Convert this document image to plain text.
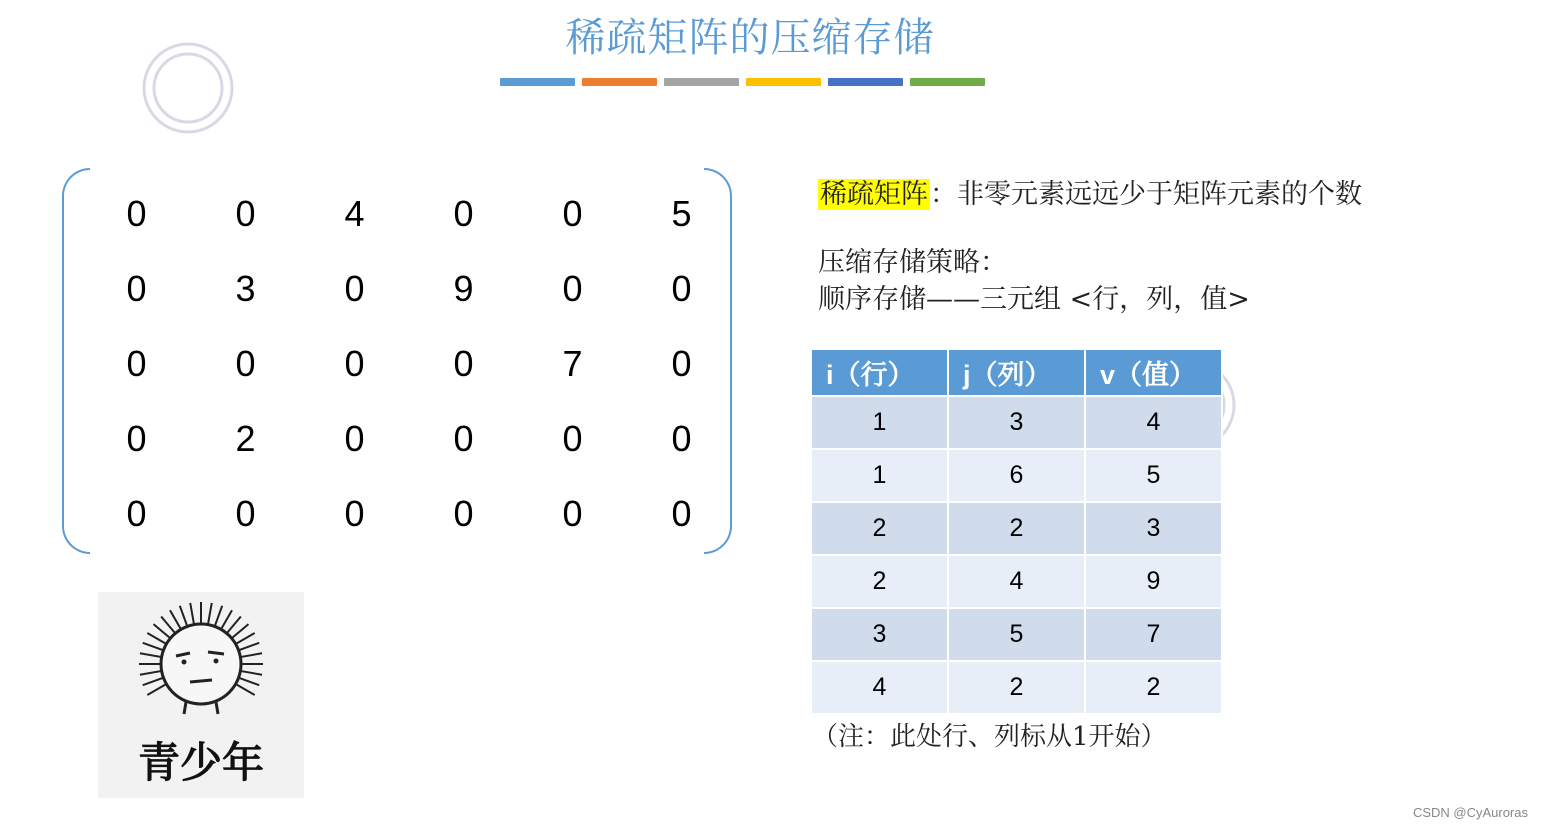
稀疏矩阵的压缩存储
0	0	4	0	0	5
0	3	0	9	0	0
0	0	0	0	7	0
0	2	0	0	0	0
0	0	0	0	0	0
稀疏矩阵：非零元素远远少于矩阵元素的个数
压缩存储策略：
顺序存储——三元组 <行，列，值>
i（行）	j（列）	v（值）
1	3	4
1	6	5
2	2	3
2	4	9
3	5	7
4	2	2
（注：此处行、列标从1开始）
青少年
CSDN @CyAuroras
